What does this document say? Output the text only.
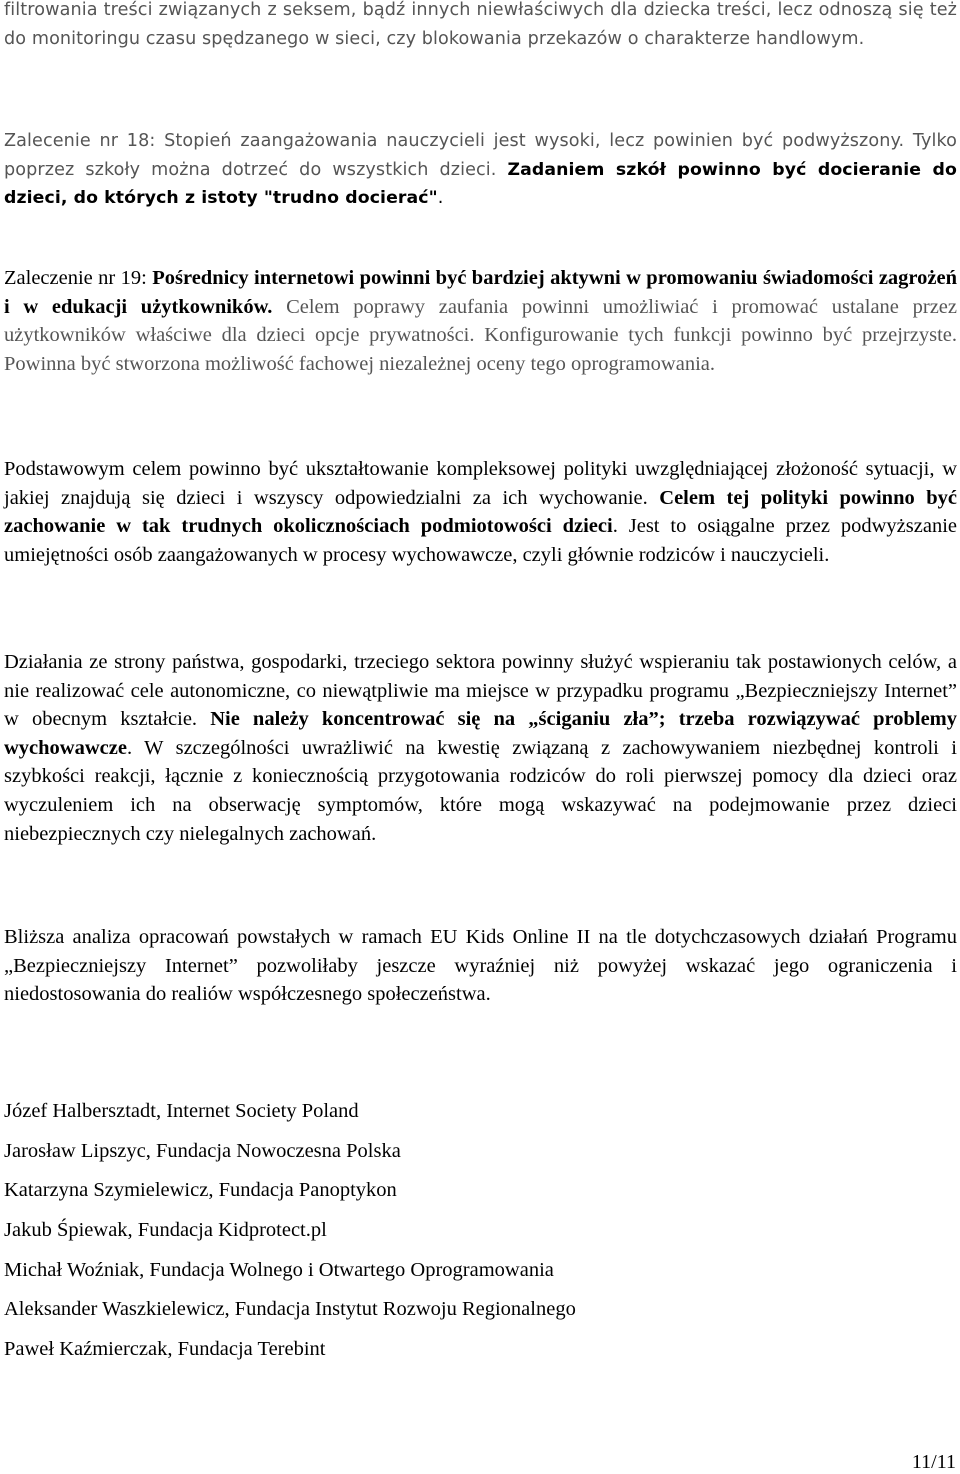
filtrowania treści związanych z seksem, bądź innych niewłaściwych dla dziecka treści, lecz odnoszą się też do monitoringu czasu spędzanego w sieci, czy blokowania przekazów o charakterze handlowym.

Zalecenie nr 18: Stopień zaangażowania nauczycieli jest wysoki, lecz powinien być podwyższony. Tylko poprzez szkoły można dotrzeć do wszystkich dzieci. Zadaniem szkół powinno być docieranie do dzieci, do których z istoty "trudno docierać".

Zaleczenie nr 19: Pośrednicy internetowi powinni być bardziej aktywni w promowaniu świadomości zagrożeń i w edukacji użytkowników. Celem poprawy zaufania powinni umożliwiać i promować ustalane przez użytkowników właściwe dla dzieci opcje prywatności. Konfigurowanie tych funkcji powinno być przejrzyste. Powinna być stworzona możliwość fachowej niezależnej oceny tego oprogramowania.

Podstawowym celem powinno być ukształtowanie kompleksowej polityki uwzględniającej złożoność sytuacji, w jakiej znajdują się dzieci i wszyscy odpowiedzialni za ich wychowanie. Celem tej polityki powinno być zachowanie w tak trudnych okolicznościach podmiotowości dzieci. Jest to osiągalne przez podwyższanie umiejętności osób zaangażowanych w procesy wychowawcze, czyli głównie rodziców i nauczycieli.

Działania ze strony państwa, gospodarki, trzeciego sektora powinny służyć wspieraniu tak postawionych celów, a nie realizować cele autonomiczne, co niewątpliwie ma miejsce w przypadku programu „Bezpieczniejszy Internet” w obecnym kształcie. Nie należy koncentrować się na „ściganiu zła”; trzeba rozwiązywać problemy wychowawcze. W szczególności uwrażliwić na kwestię związaną z zachowywaniem niezbędnej kontroli i szybkości reakcji, łącznie z koniecznością przygotowania rodziców do roli pierwszej pomocy dla dzieci oraz wyczuleniem ich na obserwację symptomów, które mogą wskazywać na podejmowanie przez dzieci niebezpiecznych czy nielegalnych zachowań.

Bliższa analiza opracowań powstałych w ramach EU Kids Online II na tle dotychczasowych działań Programu „Bezpieczniejszy Internet” pozwoliłaby jeszcze wyraźniej niż powyżej wskazać jego ograniczenia i niedostosowania do realiów współczesnego społeczeństwa.

Józef Halbersztadt, Internet Society Poland
Jarosław Lipszyc, Fundacja Nowoczesna Polska
Katarzyna Szymielewicz, Fundacja Panoptykon
Jakub Śpiewak, Fundacja Kidprotect.pl
Michał Woźniak, Fundacja Wolnego i Otwartego Oprogramowania
Aleksander Waszkielewicz, Fundacja Instytut Rozwoju Regionalnego
Paweł Kaźmierczak, Fundacja Terebint
11/11
